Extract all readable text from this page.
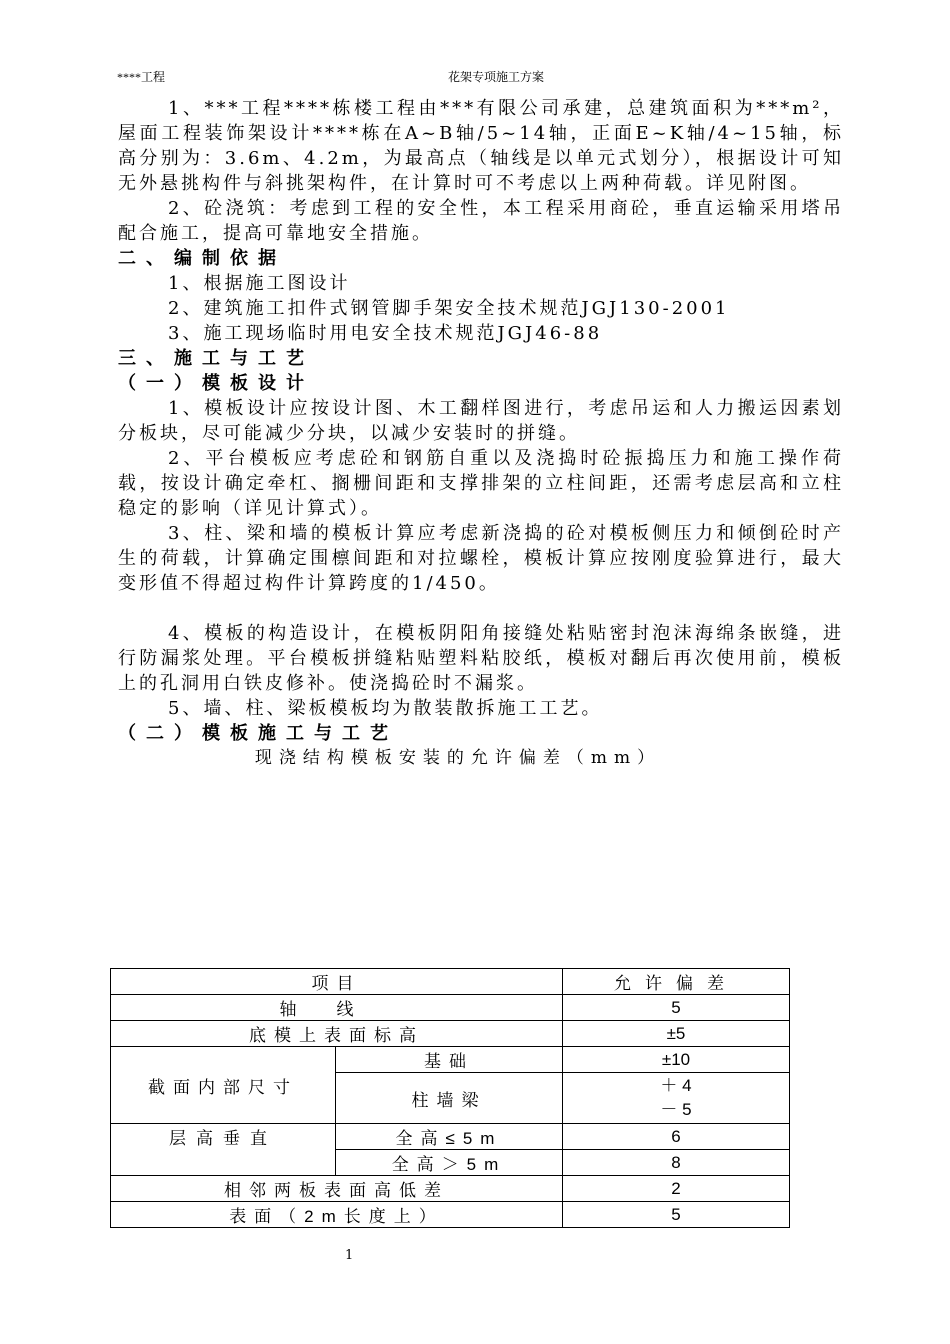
****工程	花架专项施工方案

1、***工程****栋楼工程由***有限公司承建，总建筑面积为***m²，屋面工程装饰架设计****栋在A~B轴/5~14轴，正面E~K轴/4~15轴，标高分别为：3.6m、4.2m，为最高点（轴线是以单元式划分），根据设计可知无外悬挑构件与斜挑架构件，在计算时可不考虑以上两种荷载。详见附图。

2、砼浇筑：考虑到工程的安全性，本工程采用商砼，垂直运输采用塔吊配合施工，提高可靠地安全措施。

二、编制依据

1、根据施工图设计

2、建筑施工扣件式钢管脚手架安全技术规范JGJ130-2001

3、施工现场临时用电安全技术规范JGJ46-88

三、施工与工艺

（一）模板设计

1、模板设计应按设计图、木工翻样图进行，考虑吊运和人力搬运因素划分板块，尽可能减少分块，以减少安装时的拼缝。

2、平台模板应考虑砼和钢筋自重以及浇捣时砼振捣压力和施工操作荷载，按设计确定牵杠、搁栅间距和支撑排架的立柱间距，还需考虑层高和立柱稳定的影响（详见计算式）。

3、柱、梁和墙的模板计算应考虑新浇捣的砼对模板侧压力和倾倒砼时产生的荷载，计算确定围檩间距和对拉螺栓，模板计算应按刚度验算进行，最大变形值不得超过构件计算跨度的1/450。

4、模板的构造设计，在模板阴阳角接缝处粘贴密封泡沫海绵条嵌缝，进行防漏浆处理。平台模板拼缝粘贴塑料粘胶纸，模板对翻后再次使用前，模板上的孔洞用白铁皮修补。使浇捣砼时不漏浆。

5、墙、柱、梁板模板均为散装散拆施工工艺。

（二）模板施工与工艺

现浇结构模板安装的允许偏差（mm）

项目		允许偏差
轴线		5
底模上表面标高		±5
截面内部尺寸	基础	±10
	柱墙梁	＋ 4
－ 5

层高垂直	全高≤5m	6
	全高＞5m	8
相邻两板表面高低差		2
表面（2m长度上）		5
1
